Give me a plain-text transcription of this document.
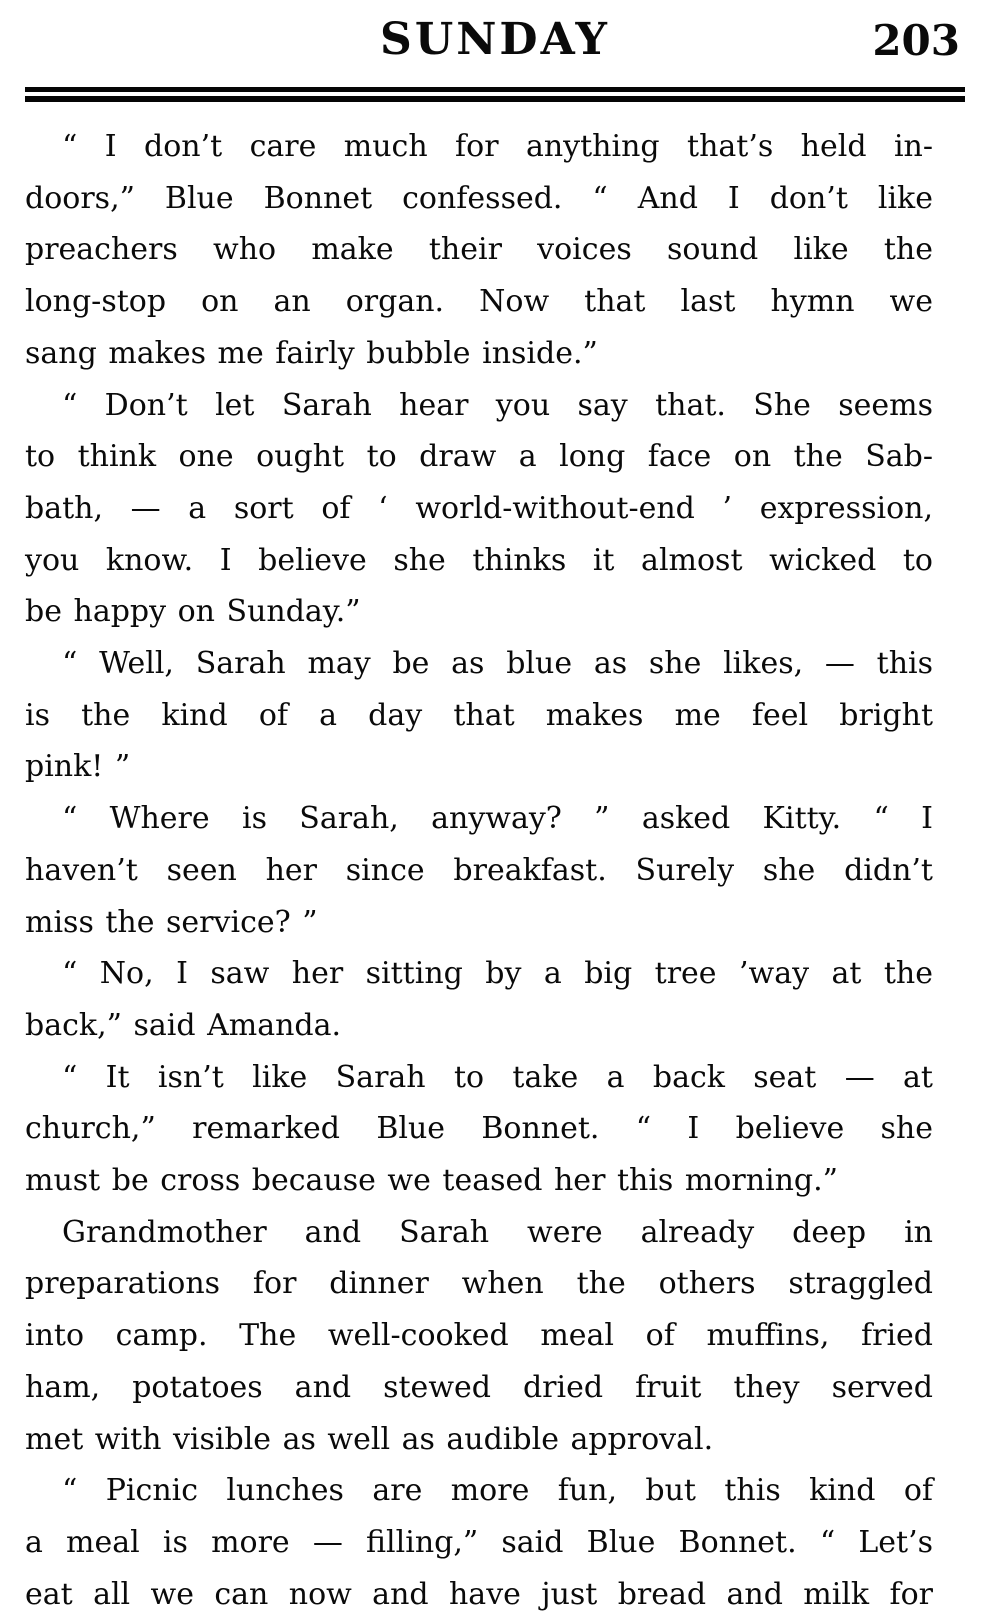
SUNDAY	203
“ I don’t care much for anything that’s held in-
doors,” Blue Bonnet confessed. “ And I don’t like
preachers who make their voices sound like the
long-stop on an organ. Now that last hymn we
sang makes me fairly bubble inside.”
“ Don’t let Sarah hear you say that. She seems
to think one ought to draw a long face on the Sab-
bath, — a sort of ‘ world-without-end ’ expression,
you know. I believe she thinks it almost wicked to
be happy on Sunday.”
“ Well, Sarah may be as blue as she likes, — this
is the kind of a day that makes me feel bright
pink! ”
“ Where is Sarah, anyway? ” asked Kitty. “ I
haven’t seen her since breakfast. Surely she didn’t
miss the service? ”
“ No, I saw her sitting by a big tree ’way at the
back,” said Amanda.
“ It isn’t like Sarah to take a back seat — at
church,” remarked Blue Bonnet. “ I believe she
must be cross because we teased her this morning.”
Grandmother and Sarah were already deep in
preparations for dinner when the others straggled
into camp. The well-cooked meal of muffins, fried
ham, potatoes and stewed dried fruit they served
met with visible as well as audible approval.
“ Picnic lunches are more fun, but this kind of
a meal is more — filling,” said Blue Bonnet. “ Let’s
eat all we can now and have just bread and milk for
